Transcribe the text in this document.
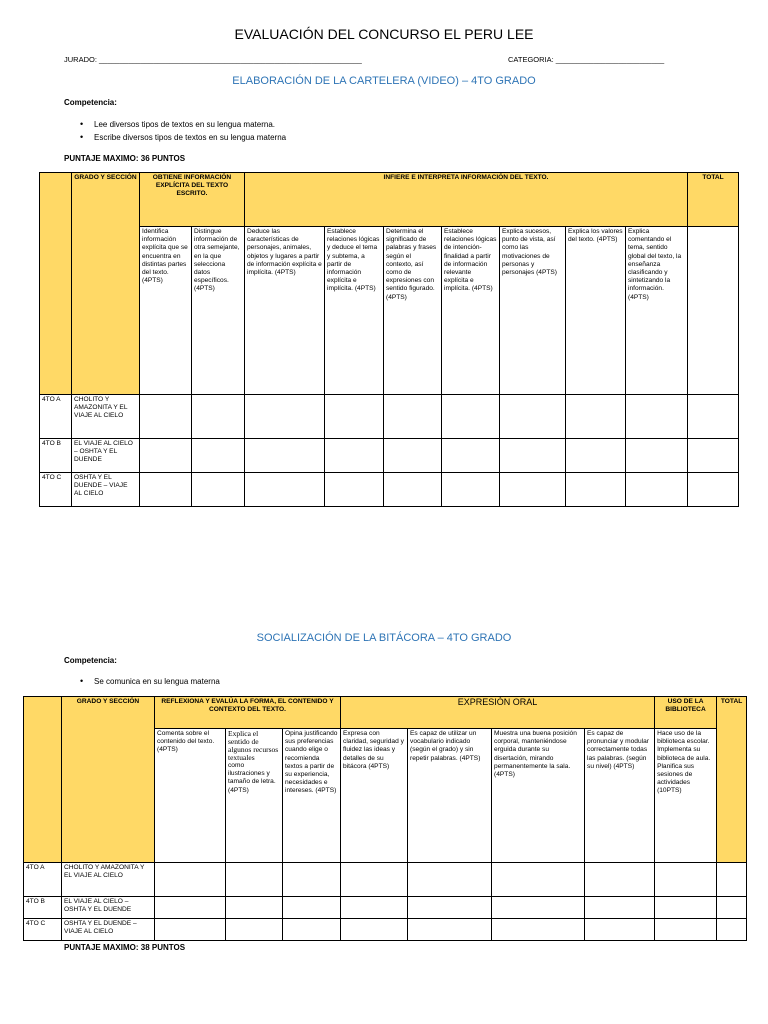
EVALUACIÓN DEL CONCURSO EL PERU LEE
JURADO: _______________________________________________________________	CATEGORIA: __________________________
ELABORACIÓN DE LA CARTELERA (VIDEO) – 4TO GRADO
Competencia:
• Lee diversos tipos de textos en su lengua materna.
• Escribe diversos tipos de textos en su lengua materna
PUNTAJE MAXIMO: 36 PUNTOS
	GRADO Y SECCIÓN	OBTIENE INFORMACIÓN EXPLÍCITA DEL TEXTO ESCRITO.		INFIERE E INTERPRETA INFORMACIÓN DEL TEXTO.							TOTAL
		Identifica información explícita que se encuentra en distintas partes del texto. (4PTS)	Distingue información de otra semejante, en la que selecciona datos específicos. (4PTS)	Deduce las características de personajes, animales, objetos y lugares a partir de información explícita e implícita. (4PTS)	Establece relaciones lógicas y deduce el tema y subtema, a partir de información explícita e implícita. (4PTS)	Determina el significado de palabras y frases según el contexto, así como de expresiones con sentido figurado. (4PTS)	Establece relaciones lógicas de intención-finalidad a partir de información relevante explícita e implícita. (4PTS)	Explica sucesos, punto de vista, así como las motivaciones de personas y personajes (4PTS)	Explica los valores del texto. (4PTS)	Explica comentando el tema, sentido global del texto, la enseñanza clasificando y sintetizando la información. (4PTS)	
4TO A	CHOLITO Y AMAZONITA Y EL VIAJE AL CIELO										
4TO B	EL VIAJE AL CIELO – OSHTA Y EL DUENDE										
4TO C	OSHTA Y EL DUENDE – VIAJE AL CIELO										
SOCIALIZACIÓN DE LA BITÁCORA – 4TO GRADO
Competencia:
• Se comunica en su lengua materna
	GRADO Y SECCIÓN	REFLEXIONA Y EVALÚA LA FORMA, EL CONTENIDO Y CONTEXTO DEL TEXTO.			EXPRESIÓN ORAL				USO DE LA BIBLIOTECA	TOTAL
		Comenta sobre el contenido del texto.(4PTS)	Explica el sentido de algunos recursos textuales
como ilustraciones y tamaño de letra. (4PTS)	Opina justificando sus preferencias cuando elige o recomienda textos a partir de su experiencia, necesidades e intereses. (4PTS)	Expresa con claridad, seguridad y fluidez las ideas y detalles de su bitácora (4PTS)	Es capaz de utilizar un vocabulario indicado (según el grado) y sin repetir palabras. (4PTS)	Muestra una buena posición corporal, manteniéndose erguida durante su disertación, mirando permanentemente la sala. (4PTS)	Es capaz de pronunciar y modular correctamente todas las palabras. (según su nivel) (4PTS)	Hace uso de la biblioteca escolar. Implementa su biblioteca de aula. Planifica sus sesiones de actividades (10PTS)	
4TO A	CHOLITO Y AMAZONITA Y EL VIAJE AL CIELO									
4TO B	EL VIAJE AL CIELO – OSHTA Y EL DUENDE									
4TO C	OSHTA Y EL DUENDE – VIAJE AL CIELO									
PUNTAJE MAXIMO: 38 PUNTOS
